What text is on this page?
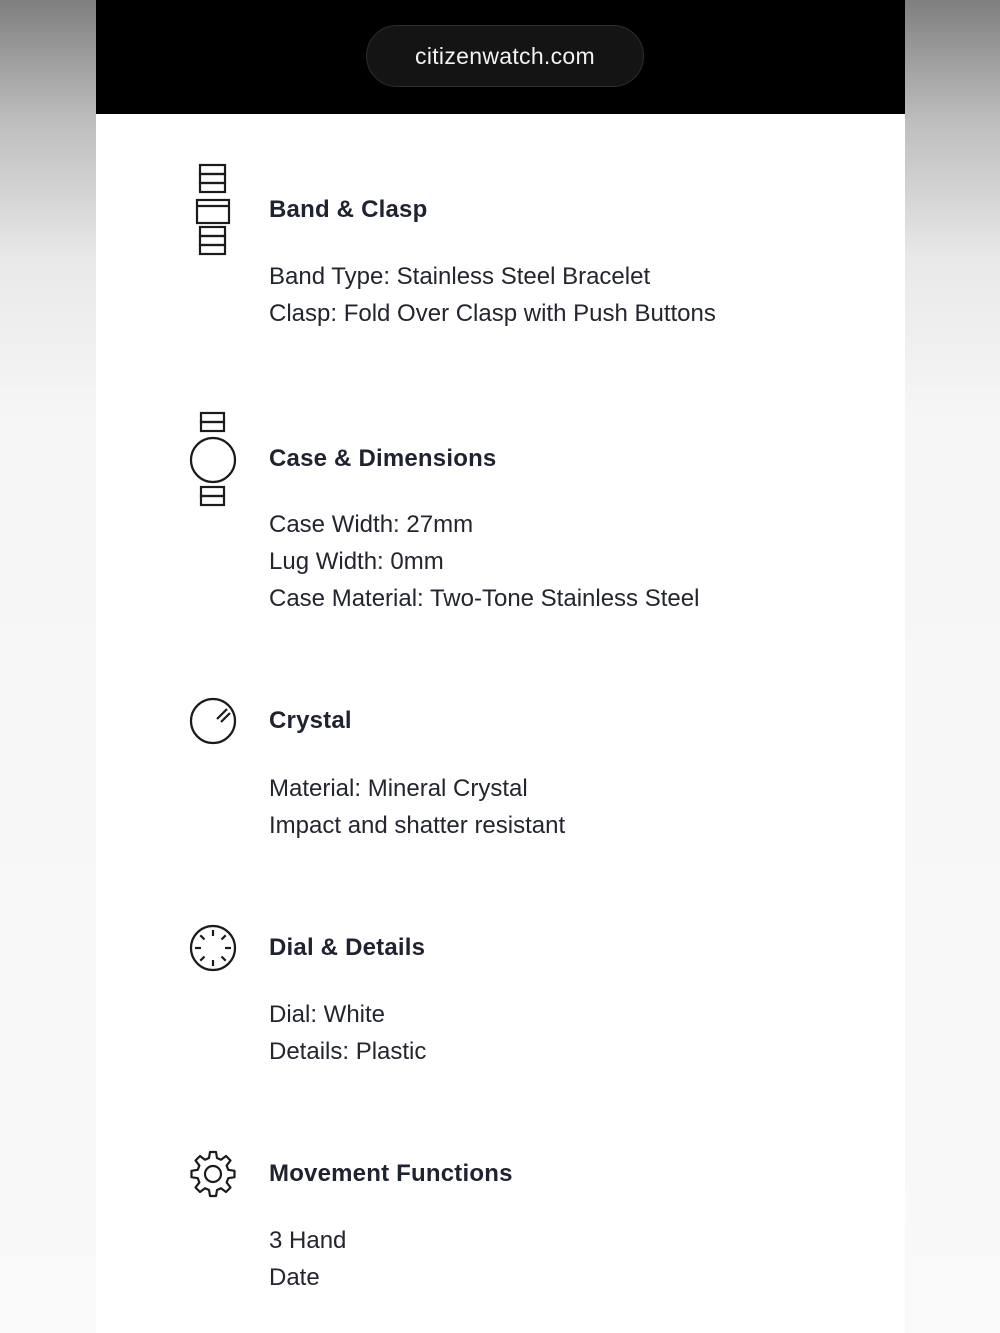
citizenwatch.com
Band & Clasp
Band Type: Stainless Steel Bracelet
Clasp: Fold Over Clasp with Push Buttons
Case & Dimensions
Case Width: 27mm
Lug Width: 0mm
Case Material: Two-Tone Stainless Steel
Crystal
Material: Mineral Crystal
Impact and shatter resistant
Dial & Details
Dial: White
Details: Plastic
Movement Functions
3 Hand
Date
